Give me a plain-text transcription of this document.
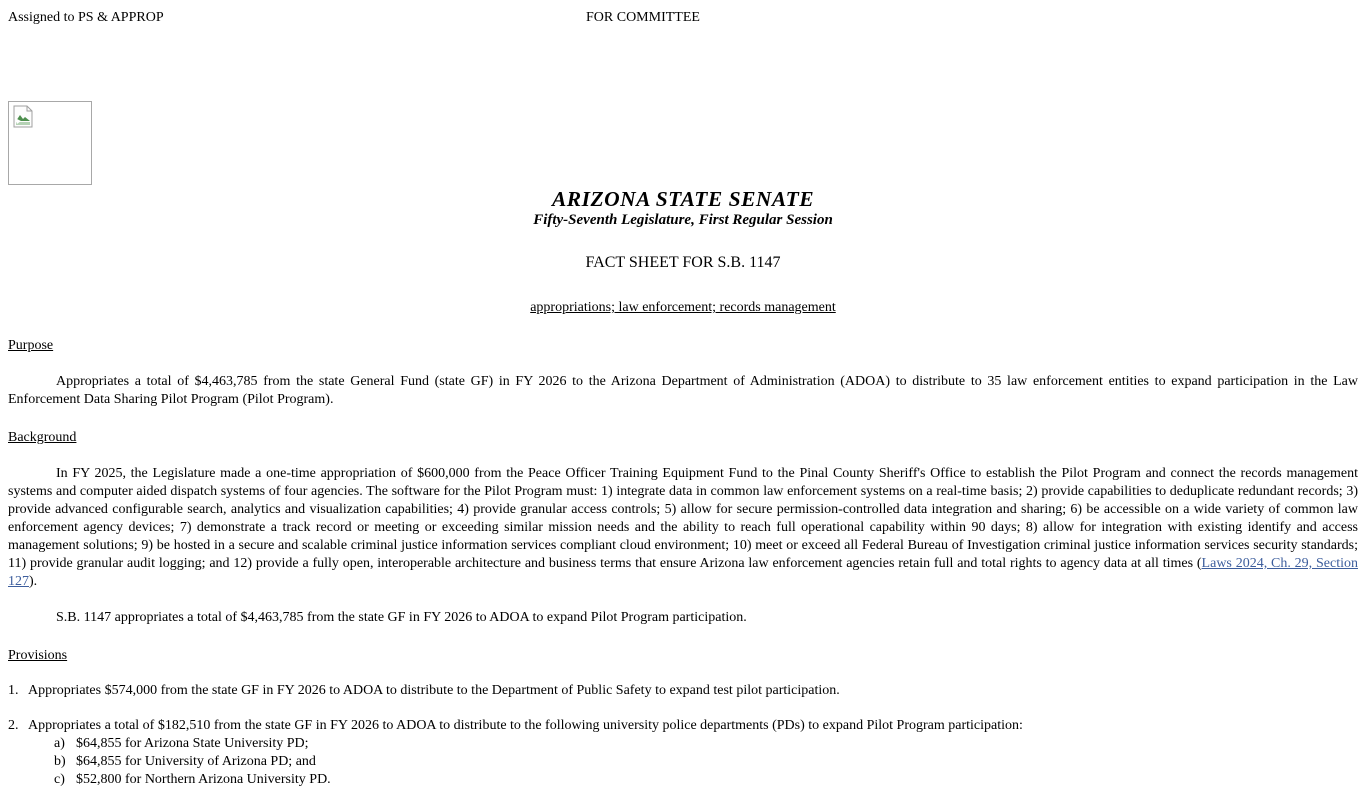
Assigned to PS & APPROP	FOR COMMITTEE
ARIZONA STATE SENATE
Fifty-Seventh Legislature, First Regular Session
FACT SHEET FOR S.B. 1147
appropriations; law enforcement; records management
Purpose

Appropriates a total of $4,463,785 from the state General Fund (state GF) in FY 2026 to the Arizona Department of Administration (ADOA) to distribute to 35 law enforcement entities to expand participation in the Law Enforcement Data Sharing Pilot Program (Pilot Program).

Background

In FY 2025, the Legislature made a one-time appropriation of $600,000 from the Peace Officer Training Equipment Fund to the Pinal County Sheriff's Office to establish the Pilot Program and connect the records management systems and computer aided dispatch systems of four agencies. The software for the Pilot Program must: 1) integrate data in common law enforcement systems on a real-time basis; 2) provide capabilities to deduplicate redundant records; 3) provide advanced configurable search, analytics and visualization capabilities; 4) provide granular access controls; 5) allow for secure permission-controlled data integration and sharing; 6) be accessible on a wide variety of common law enforcement agency devices; 7) demonstrate a track record or meeting or exceeding similar mission needs and the ability to reach full operational capability within 90 days; 8) allow for integration with existing identify and access management solutions; 9) be hosted in a secure and scalable criminal justice information services compliant cloud environment; 10) meet or exceed all Federal Bureau of Investigation criminal justice information services security standards; 11) provide granular audit logging; and 12) provide a fully open, interoperable architecture and business terms that ensure Arizona law enforcement agencies retain full and total rights to agency data at all times (Laws 2024, Ch. 29, Section 127).

S.B. 1147 appropriates a total of $4,463,785 from the state GF in FY 2026 to ADOA to expand Pilot Program participation.

Provisions
1. Appropriates $574,000 from the state GF in FY 2026 to ADOA to distribute to the Department of Public Safety to expand test pilot participation.
2. Appropriates a total of $182,510 from the state GF in FY 2026 to ADOA to distribute to the following university police departments (PDs) to expand Pilot Program participation:
a) $64,855 for Arizona State University PD;
b) $64,855 for University of Arizona PD; and
c) $52,800 for Northern Arizona University PD.
